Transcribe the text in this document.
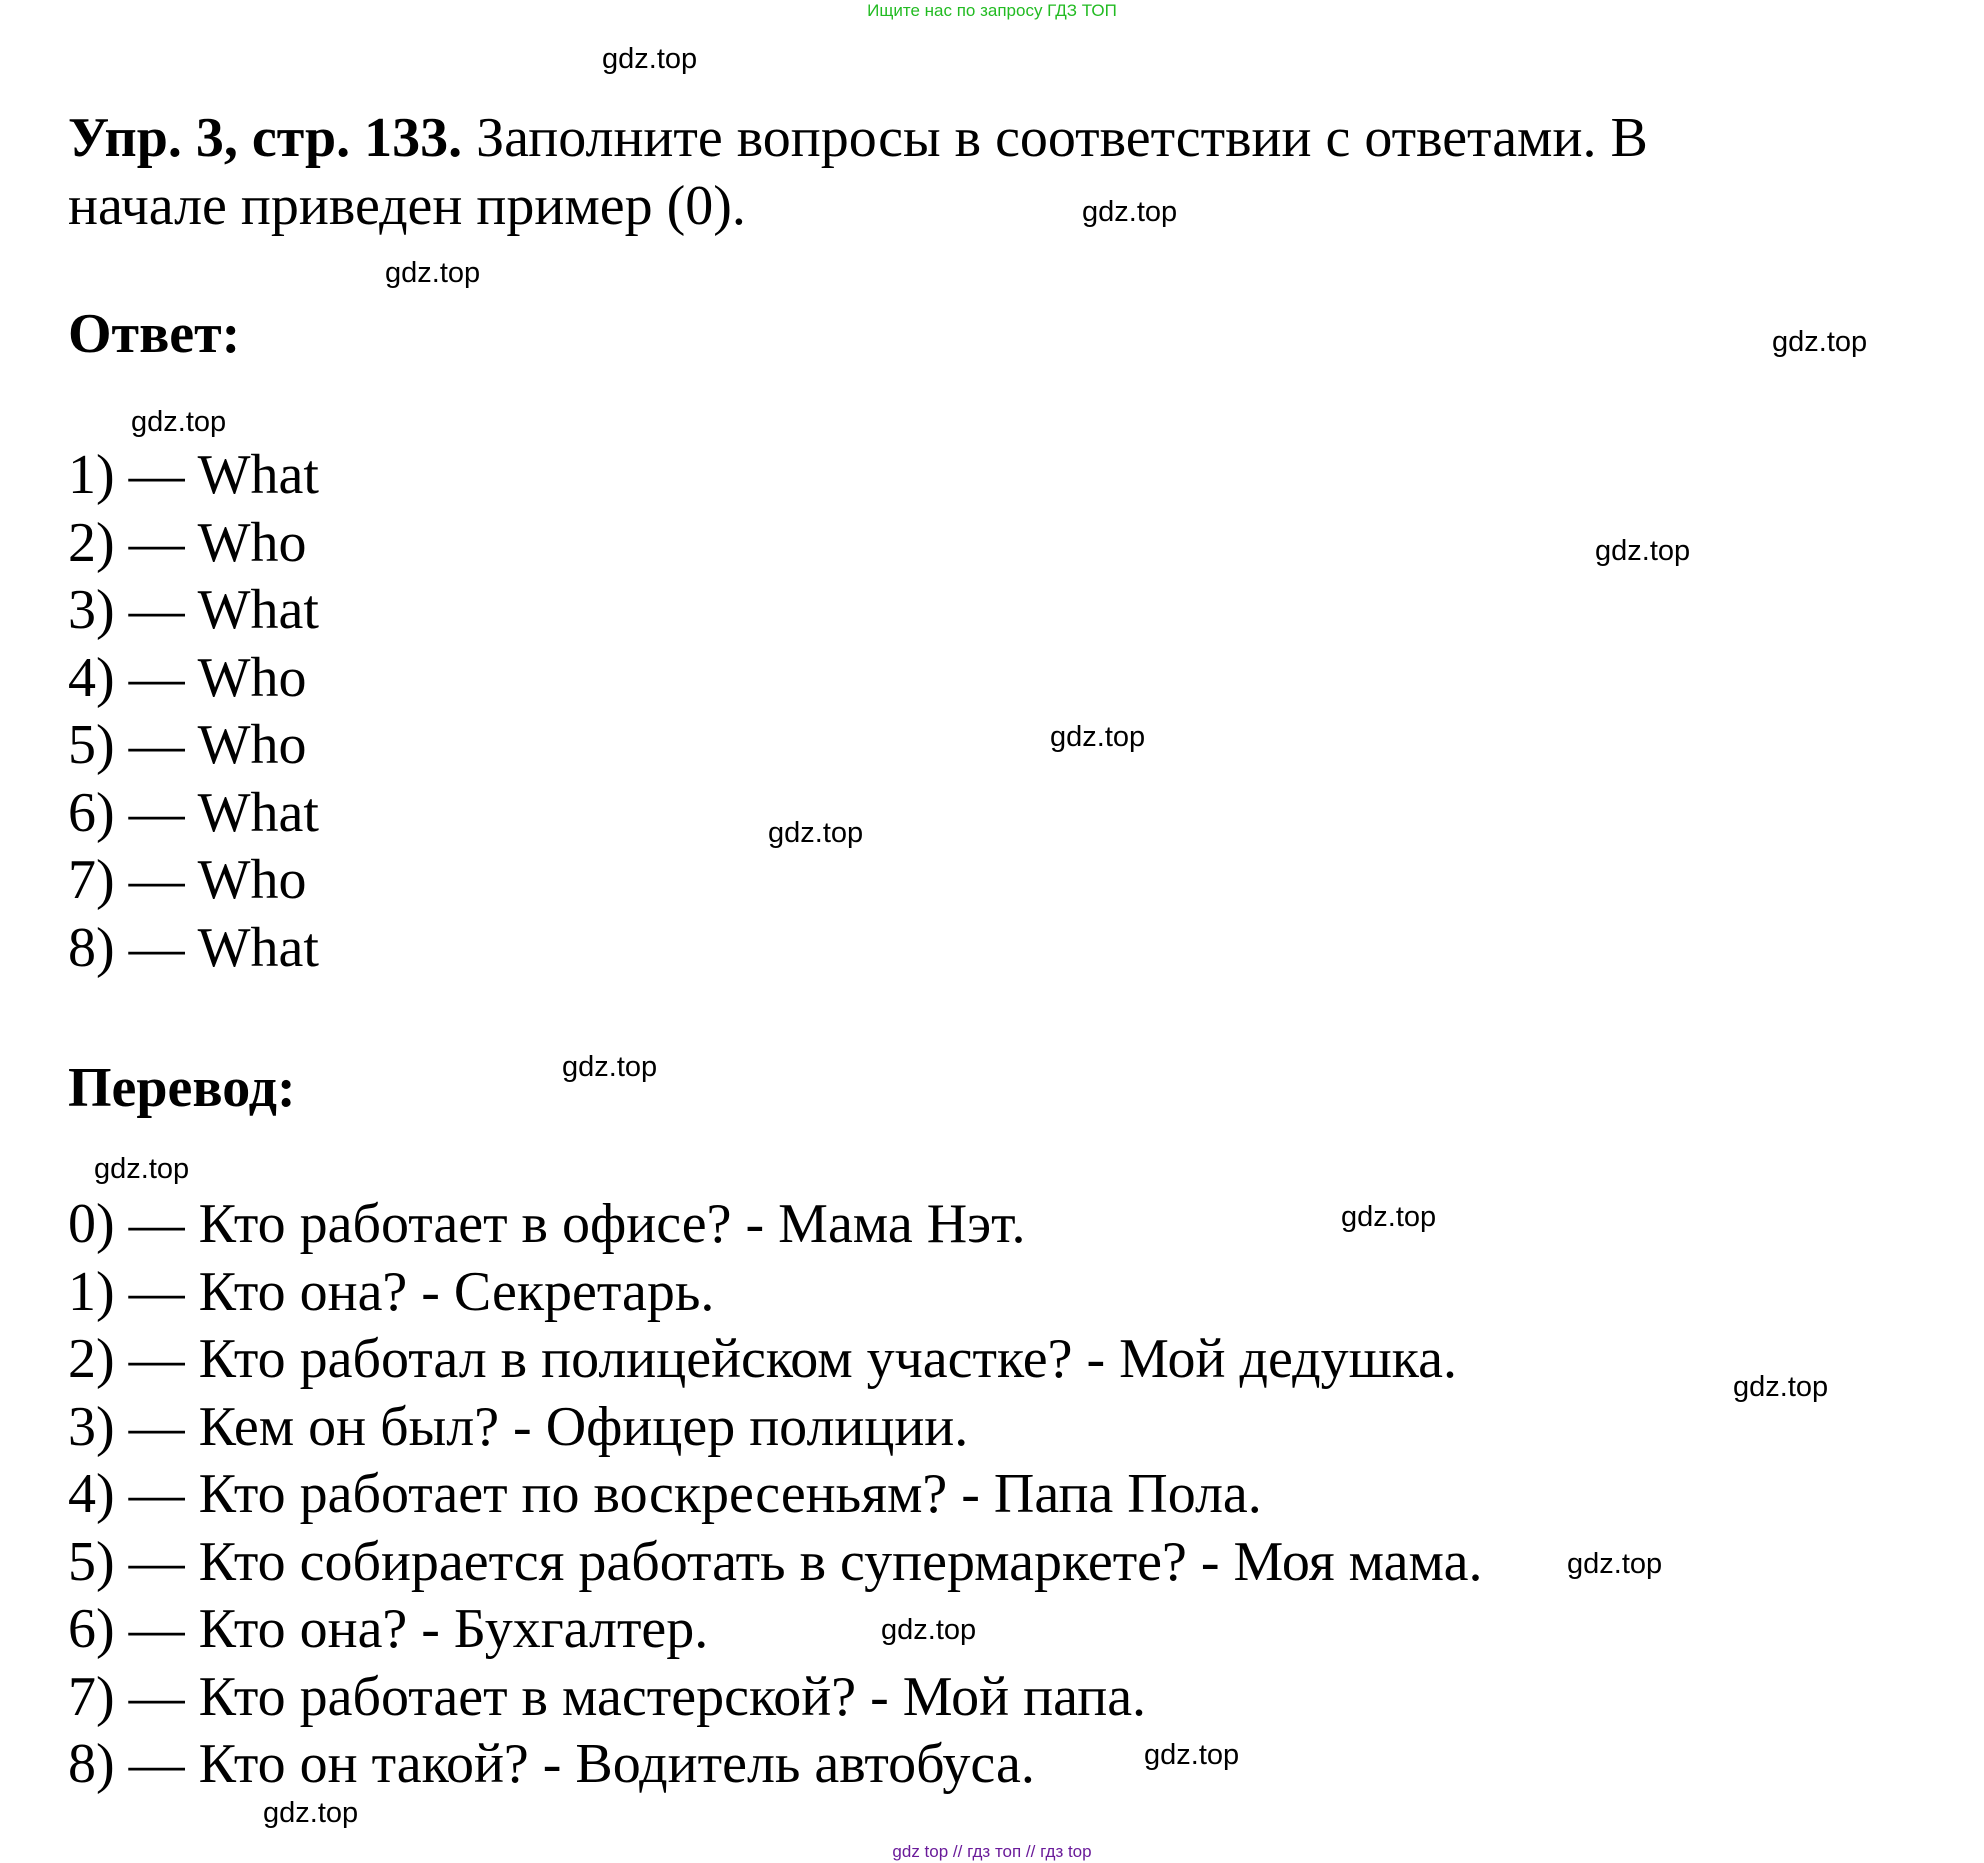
Ищите нас по запросу ГДЗ ТОП
Упр. 3, стр. 133. Заполните вопросы в соответствии с ответами. В начале приведен пример (0).
Ответ:
1) — What
2) — Who
3) — What
4) — Who
5) — Who
6) — What
7) — Who
8) — What
Перевод:
0) — Кто работает в офисе? - Мама Нэт.
1) — Кто она? - Секретарь.
2) — Кто работал в полицейском участке? - Мой дедушка.
3) — Кем он был? - Офицер полиции.
4) — Кто работает по воскресеньям? - Папа Пола.
5) — Кто собирается работать в супермаркете? - Моя мама.
6) — Кто она? - Бухгалтер.
7) — Кто работает в мастерской? - Мой папа.
8) — Кто он такой? - Водитель автобуса.
gdz.top
gdz.top
gdz.top
gdz.top
gdz.top
gdz.top
gdz.top
gdz.top
gdz.top
gdz.top
gdz.top
gdz.top
gdz.top
gdz.top
gdz.top
gdz.top
gdz top // гдз топ // гдз top
